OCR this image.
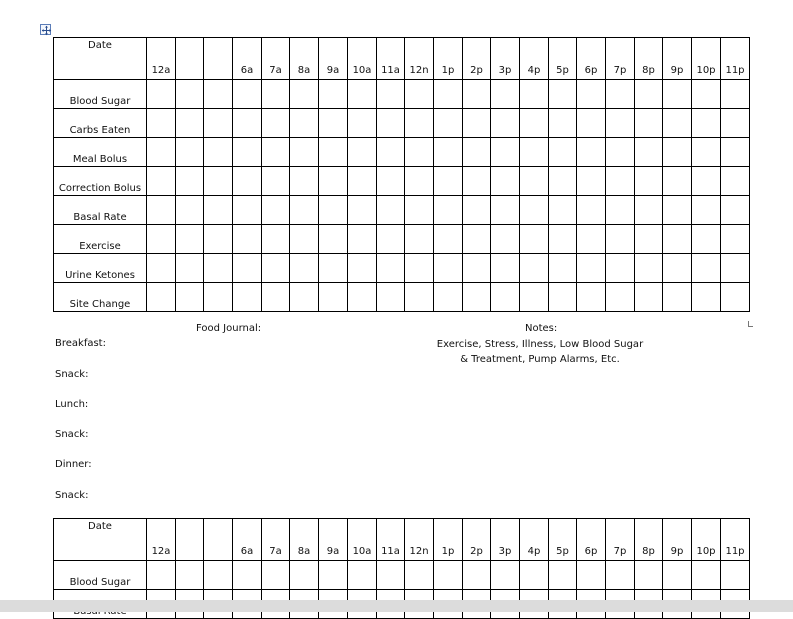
Date	12a			6a	7a	8a	9a	10a	11a	12n	1p	2p	3p	4p	5p	6p	7p	8p	9p	10p	11p
Blood Sugar																					
Carbs Eaten																					
Meal Bolus																					
Correction Bolus																					
Basal Rate																					
Exercise																					
Urine Ketones																					
Site Change																					
Food Journal:	Notes:
Exercise, Stress, Illness, Low Blood Sugar
& Treatment, Pump Alarms, Etc.
Breakfast:
Snack:
Lunch:
Snack:
Dinner:
Snack:
Date	12a			6a	7a	8a	9a	10a	11a	12n	1p	2p	3p	4p	5p	6p	7p	8p	9p	10p	11p
Blood Sugar																					
